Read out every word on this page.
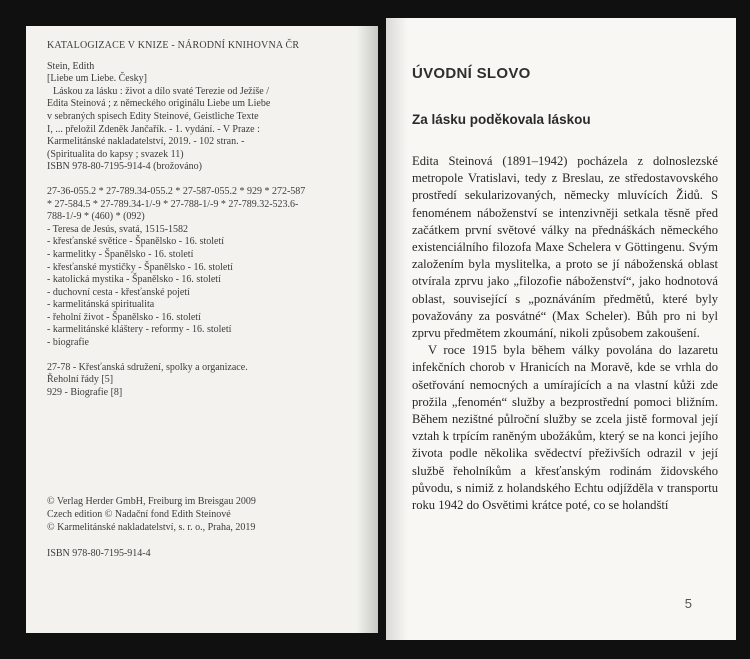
ÚVODNÍ SLOVO
Za lásku poděkovala láskou

Edita Steinová (1891–1942) pocházela z dolnoslezské metropole Vratislavi, tedy z Breslau, ze středostavovského prostředí sekularizovaných, německy mluvících Židů. S fenoménem náboženství se intenzivněji setkala těsně před začátkem první světové války na přednáškách německého existenciálního filozofa Maxe Schelera v Göttingenu. Svým založením byla myslitelka, a proto se jí náboženská oblast otvírala zprvu jako „filozofie náboženství“, jako hodnotová oblast, související s „poznáváním předmětů, které byly považovány za posvátné“ (Max Scheler). Bůh pro ni byl zprvu předmětem zkoumání, nikoli způsobem zakoušení.

V roce 1915 byla během války povolána do lazaretu infekčních chorob v Hranicích na Moravě, kde se vrhla do ošetřování nemocných a umírajících a na vlastní kůži zde prožila „fenomén“ služby a bezprostřední pomoci bližním. Během nezištné půlroční služby se zcela jistě formoval její vztah k trpícím raněným ubožákům, který se na konci jejího života podle několika svědectví přeživších odrazil v její službě řeholníkům a křesťanským rodinám židovského původu, s nimiž z holandského Echtu odjížděla v transportu roku 1942 do Osvětimi krátce poté, co se holandští

5
KATALOGIZACE V KNIZE - NÁRODNÍ KNIHOVNA ČR
Stein, Edith
[Liebe um Liebe. Česky]
Láskou za lásku : život a dílo svaté Terezie od Ježíše /
Edita Steinová ; z německého originálu Liebe um Liebe
v sebraných spisech Edity Steinové, Geistliche Texte
I, ... přeložil Zdeněk Jančařík. - 1. vydání. - V Praze :
Karmelitánské nakladatelství, 2019. - 102 stran. -
(Spiritualita do kapsy ; svazek 11)
ISBN 978-80-7195-914-4 (brožováno)
27-36-055.2 * 27-789.34-055.2 * 27-587-055.2 * 929 * 272-587
* 27-584.5 * 27-789.34-1/-9 * 27-788-1/-9 * 27-789.32-523.6-
788-1/-9 * (460) * (092)
- Teresa de Jesús, svatá, 1515-1582
- křesťanské světice - Španělsko - 16. století
- karmelitky - Španělsko - 16. století
- křesťanské mystičky - Španělsko - 16. století
- katolická mystika - Španělsko - 16. století
- duchovní cesta - křesťanské pojetí
- karmelitánská spiritualita
- řeholní život - Španělsko - 16. století
- karmelitánské kláštery - reformy - 16. století
- biografie
27-78 - Křesťanská sdružení, spolky a organizace.
Řeholní řády [5]
929 - Biografie [8]
© Verlag Herder GmbH, Freiburg im Breisgau 2009
Czech edition © Nadační fond Edith Steinové
© Karmelitánské nakladatelství, s. r. o., Praha, 2019
ISBN 978-80-7195-914-4
